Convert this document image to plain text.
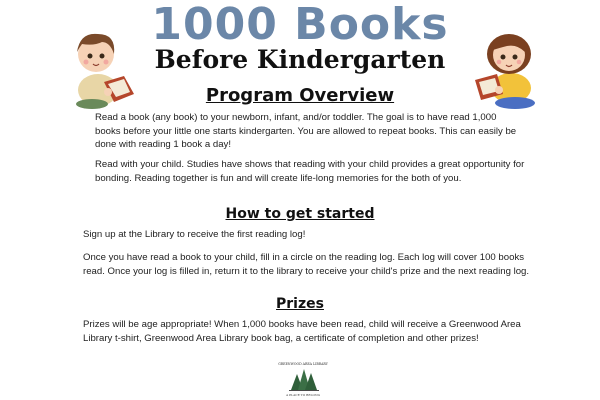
1000 Books
Before Kindergarten
Program Overview

Read a book (any book) to your newborn, infant, and/or toddler. The goal is to have read 1,000 books before your little one starts kindergarten. You are allowed to repeat books. This can easily be done with reading 1 book a day!

Read with your child. Studies have shows that reading with your child provides a great opportunity for bonding. Reading together is fun and will create life-long memories for the both of you.

How to get started

Sign up at the Library to receive the first reading log!

Once you have read a book to your child, fill in a circle on the reading log. Each log will cover 100 books read. Once your log is filled in, return it to the library to receive your child's prize and the next reading log.

Prizes

Prizes will be age appropriate! When 1,000 books have been read, child will receive a Greenwood Area Library t-shirt, Greenwood Area Library book bag, a certificate of completion and other prizes!

GREENWOOD AREA LIBRARY
A PLACE TO BELONG
